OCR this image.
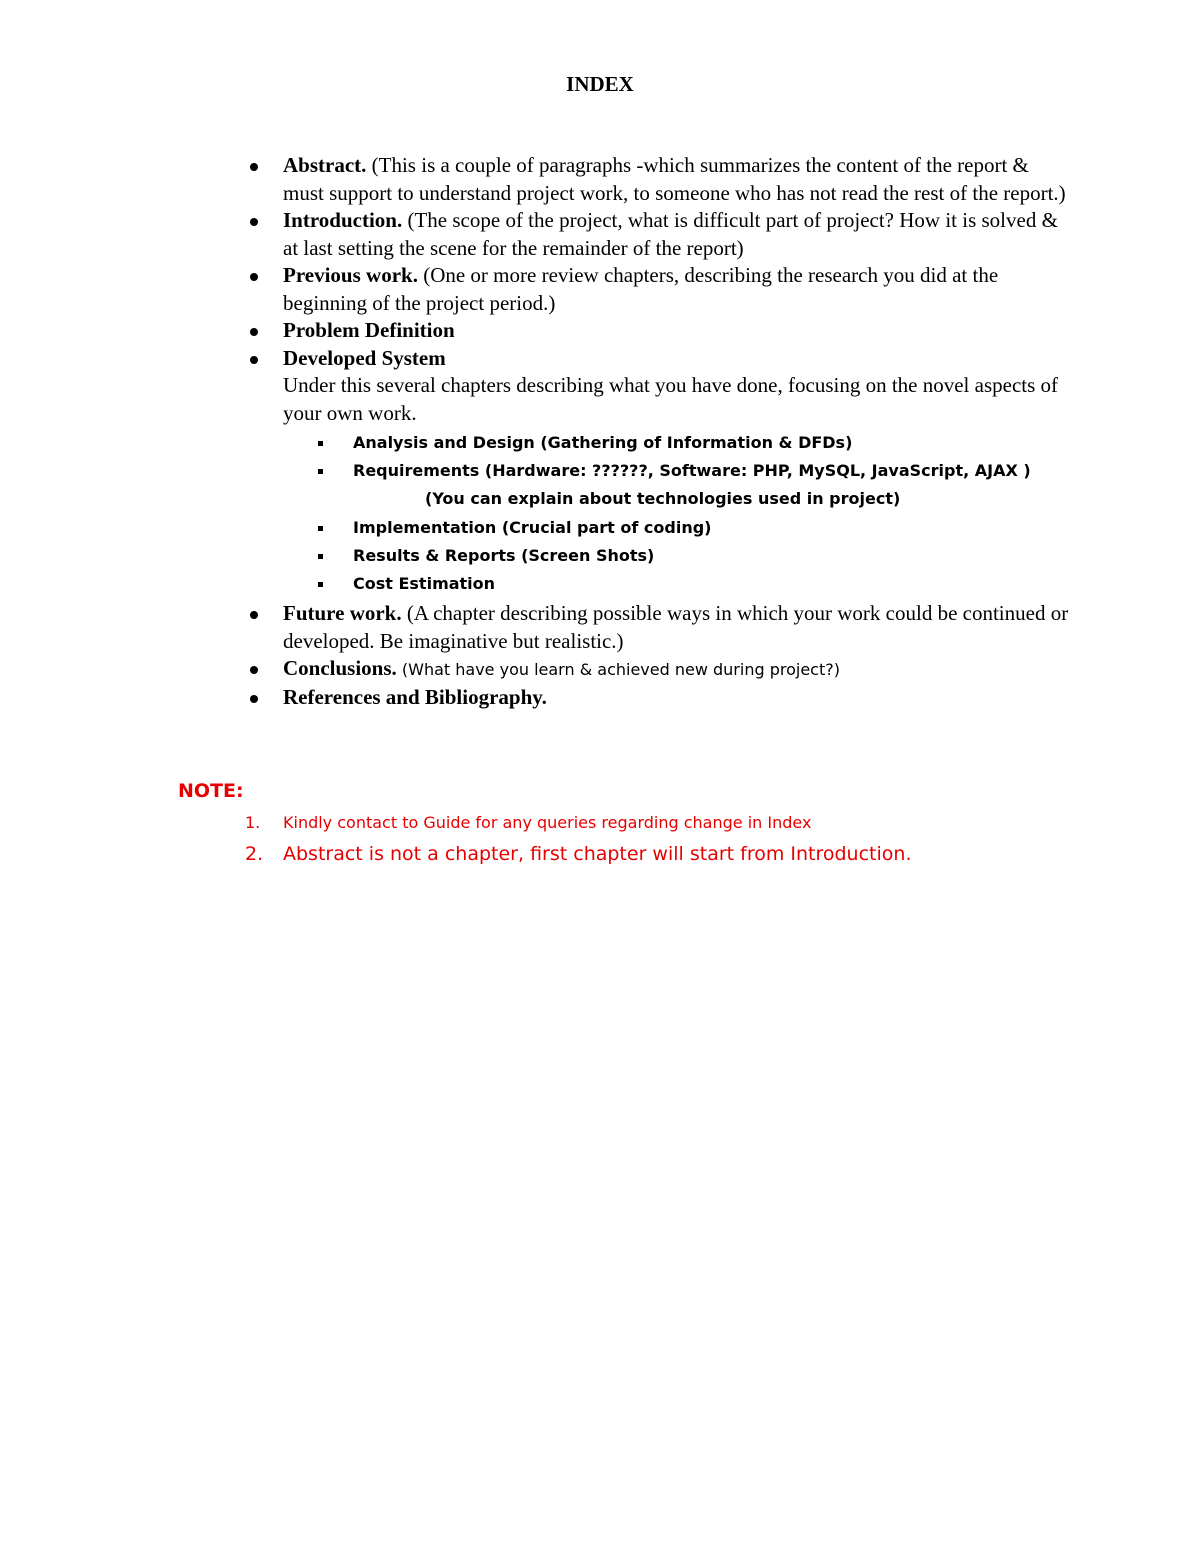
INDEX
Abstract. (This is a couple of paragraphs -which summarizes the content of the report & must support to understand project work, to someone who has not read the rest of the report.)
Introduction. (The scope of the project, what is difficult part of project? How it is solved & at last setting the scene for the remainder of the report)
Previous work. (One or more review chapters, describing the research you did at the beginning of the project period.)
Problem Definition
Developed System
Under this several chapters describing what you have done, focusing on the novel aspects of your own work.
Analysis and Design (Gathering of Information & DFDs)
Requirements (Hardware: ??????, Software: PHP, MySQL, JavaScript, AJAX )
(You can explain about technologies used in project)
Implementation (Crucial part of coding)
Results & Reports (Screen Shots)
Cost Estimation
Future work. (A chapter describing possible ways in which your work could be continued or developed. Be imaginative but realistic.)
Conclusions. (What have you learn & achieved new during project?)
References and Bibliography.
NOTE:
1. Kindly contact to Guide for any queries regarding change in Index
2. Abstract is not a chapter, first chapter will start from Introduction.
